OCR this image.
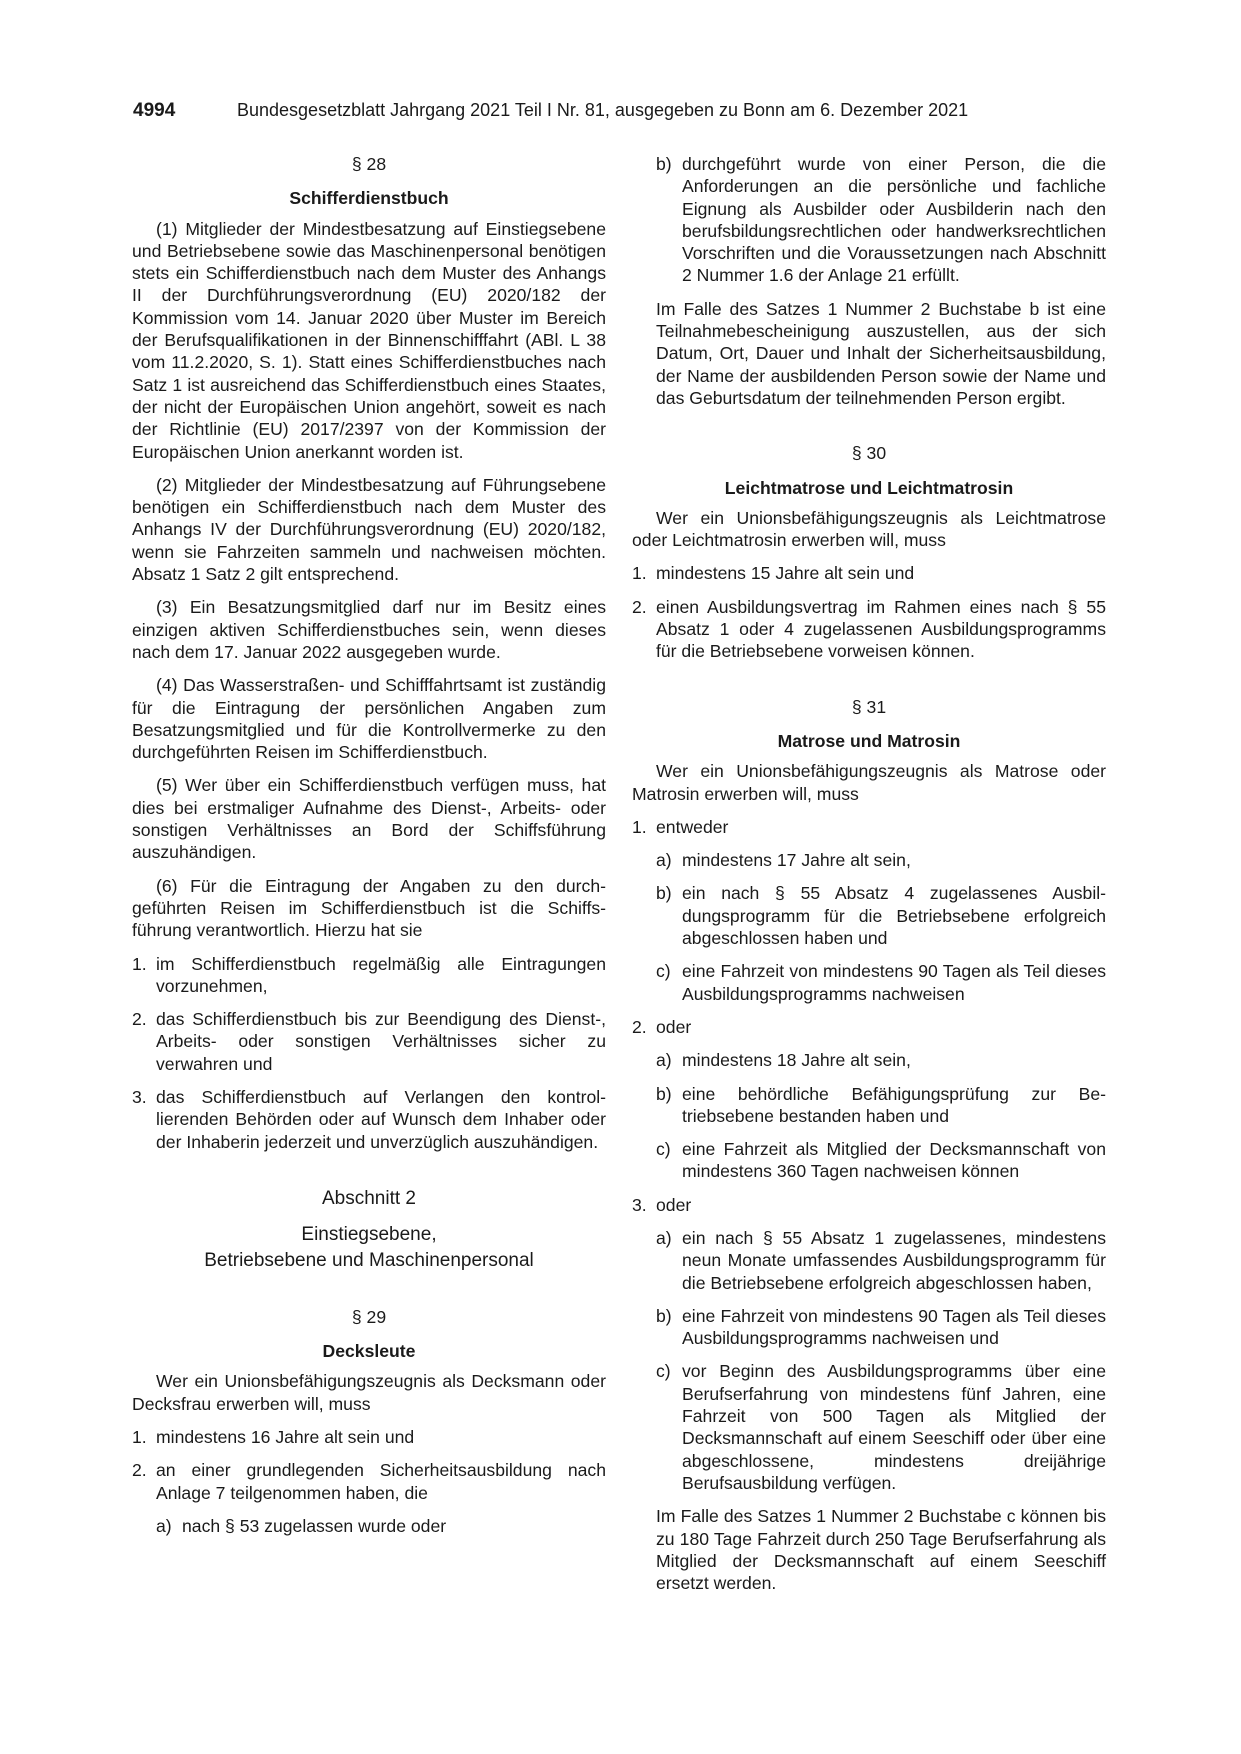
4994	Bundesgesetzblatt Jahrgang 2021 Teil I Nr. 81, ausgegeben zu Bonn am 6. Dezember 2021
§ 28
Schifferdienstbuch

(1) Mitglieder der Mindestbesatzung auf Einstiegsebene und Betriebsebene sowie das Maschinenpersonal benötigen stets ein Schifferdienstbuch nach dem Muster des Anhangs II der Durchführungsverordnung (EU) 2020/182 der Kommission vom 14. Januar 2020 über Muster im Bereich der Berufsqualifikationen in der Binnenschifffahrt (ABl. L 38 vom 11.2.2020, S. 1). Statt eines Schifferdienstbuches nach Satz 1 ist ausreichend das Schifferdienstbuch eines Staates, der nicht der Europäischen Union angehört, soweit es nach der Richtlinie (EU) 2017/2397 von der Kommission der Europäischen Union anerkannt worden ist.

(2) Mitglieder der Mindestbesatzung auf Führungsebene benötigen ein Schifferdienstbuch nach dem Muster des Anhangs IV der Durchführungsverordnung (EU) 2020/182, wenn sie Fahrzeiten sammeln und nachweisen möchten. Absatz 1 Satz 2 gilt entsprechend.

(3) Ein Besatzungsmitglied darf nur im Besitz eines einzigen aktiven Schifferdienstbuches sein, wenn dieses nach dem 17. Januar 2022 ausgegeben wurde.

(4) Das Wasserstraßen- und Schifffahrtsamt ist zuständig für die Eintragung der persönlichen Angaben zum Besatzungsmitglied und für die Kontrollvermerke zu den durchgeführten Reisen im Schifferdienstbuch.

(5) Wer über ein Schifferdienstbuch verfügen muss, hat dies bei erstmaliger Aufnahme des Dienst-, Arbeits- oder sonstigen Verhältnisses an Bord der Schiffsführung auszuhändigen.

(6) Für die Eintragung der Angaben zu den durchgeführten Reisen im Schifferdienstbuch ist die Schiffsführung verantwortlich. Hierzu hat sie

1. im Schifferdienstbuch regelmäßig alle Eintragungen vorzunehmen,
2. das Schifferdienstbuch bis zur Beendigung des Dienst-, Arbeits- oder sonstigen Verhältnisses sicher zu verwahren und
3. das Schifferdienstbuch auf Verlangen den kontrollierenden Behörden oder auf Wunsch dem Inhaber oder der Inhaberin jederzeit und unverzüglich auszuhändigen.
Abschnitt 2
Einstiegsebene,
Betriebsebene und Maschinenpersonal
§ 29
Decksleute

Wer ein Unionsbefähigungszeugnis als Decksmann oder Decksfrau erwerben will, muss

1. mindestens 16 Jahre alt sein und
2. an einer grundlegenden Sicherheitsausbildung nach Anlage 7 teilgenommen haben, die
a) nach § 53 zugelassen wurde oder
b) durchgeführt wurde von einer Person, die die Anforderungen an die persönliche und fachliche Eignung als Ausbilder oder Ausbilderin nach den berufsbildungsrechtlichen oder handwerksrechtlichen Vorschriften und die Voraussetzungen nach Abschnitt 2 Nummer 1.6 der Anlage 21 erfüllt.

Im Falle des Satzes 1 Nummer 2 Buchstabe b ist eine Teilnahmebescheinigung auszustellen, aus der sich Datum, Ort, Dauer und Inhalt der Sicherheitsausbildung, der Name der ausbildenden Person sowie der Name und das Geburtsdatum der teilnehmenden Person ergibt.

§ 30
Leichtmatrose und Leichtmatrosin

Wer ein Unionsbefähigungszeugnis als Leichtmatrose oder Leichtmatrosin erwerben will, muss

1. mindestens 15 Jahre alt sein und
2. einen Ausbildungsvertrag im Rahmen eines nach § 55 Absatz 1 oder 4 zugelassenen Ausbildungsprogramms für die Betriebsebene vorweisen können.
§ 31
Matrose und Matrosin

Wer ein Unionsbefähigungszeugnis als Matrose oder Matrosin erwerben will, muss

1. entweder
a) mindestens 17 Jahre alt sein,
b) ein nach § 55 Absatz 4 zugelassenes Ausbildungsprogramm für die Betriebsebene erfolgreich abgeschlossen haben und
c) eine Fahrzeit von mindestens 90 Tagen als Teil dieses Ausbildungsprogramms nachweisen
2. oder
a) mindestens 18 Jahre alt sein,
b) eine behördliche Befähigungsprüfung zur Betriebsebene bestanden haben und
c) eine Fahrzeit als Mitglied der Decksmannschaft von mindestens 360 Tagen nachweisen können
3. oder
a) ein nach § 55 Absatz 1 zugelassenes, mindestens neun Monate umfassendes Ausbildungsprogramm für die Betriebsebene erfolgreich abgeschlossen haben,
b) eine Fahrzeit von mindestens 90 Tagen als Teil dieses Ausbildungsprogramms nachweisen und
c) vor Beginn des Ausbildungsprogramms über eine Berufserfahrung von mindestens fünf Jahren, eine Fahrzeit von 500 Tagen als Mitglied der Decksmannschaft auf einem Seeschiff oder über eine abgeschlossene, mindestens dreijährige Berufsausbildung verfügen.

Im Falle des Satzes 1 Nummer 2 Buchstabe c können bis zu 180 Tage Fahrzeit durch 250 Tage Berufserfahrung als Mitglied der Decksmannschaft auf einem Seeschiff ersetzt werden.
